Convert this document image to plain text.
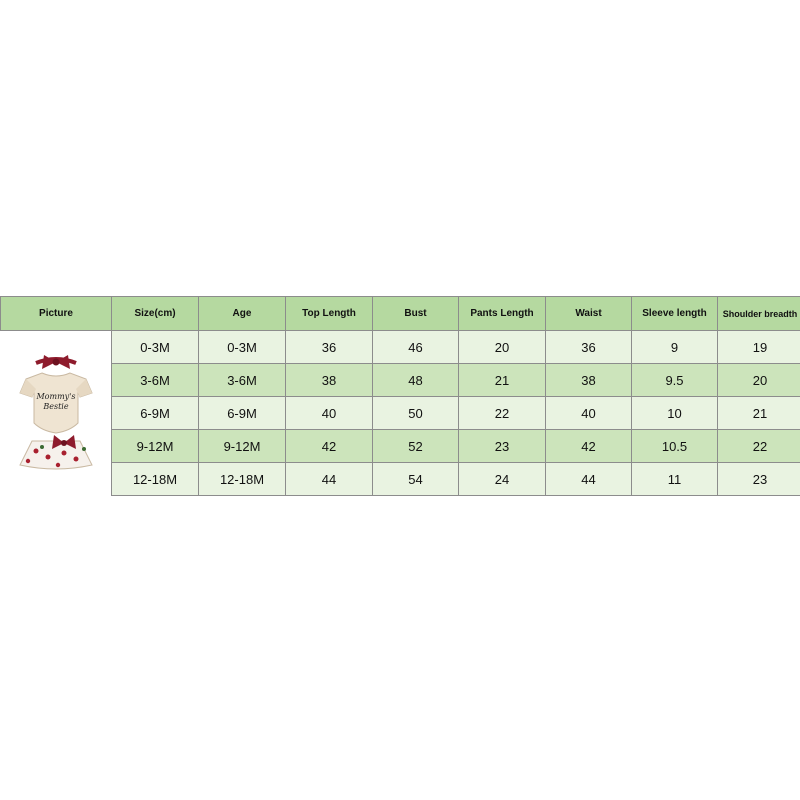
Picture	Size(cm)	Age	Top Length	Bust	Pants Length	Waist	Sleeve length	Shoulder breadth

Mommy's
Bestie	0-3M	0-3M	36	46	20	36	9	19
	3-6M	3-6M	38	48	21	38	9.5	20
	6-9M	6-9M	40	50	22	40	10	21
	9-12M	9-12M	42	52	23	42	10.5	22
	12-18M	12-18M	44	54	24	44	11	23
